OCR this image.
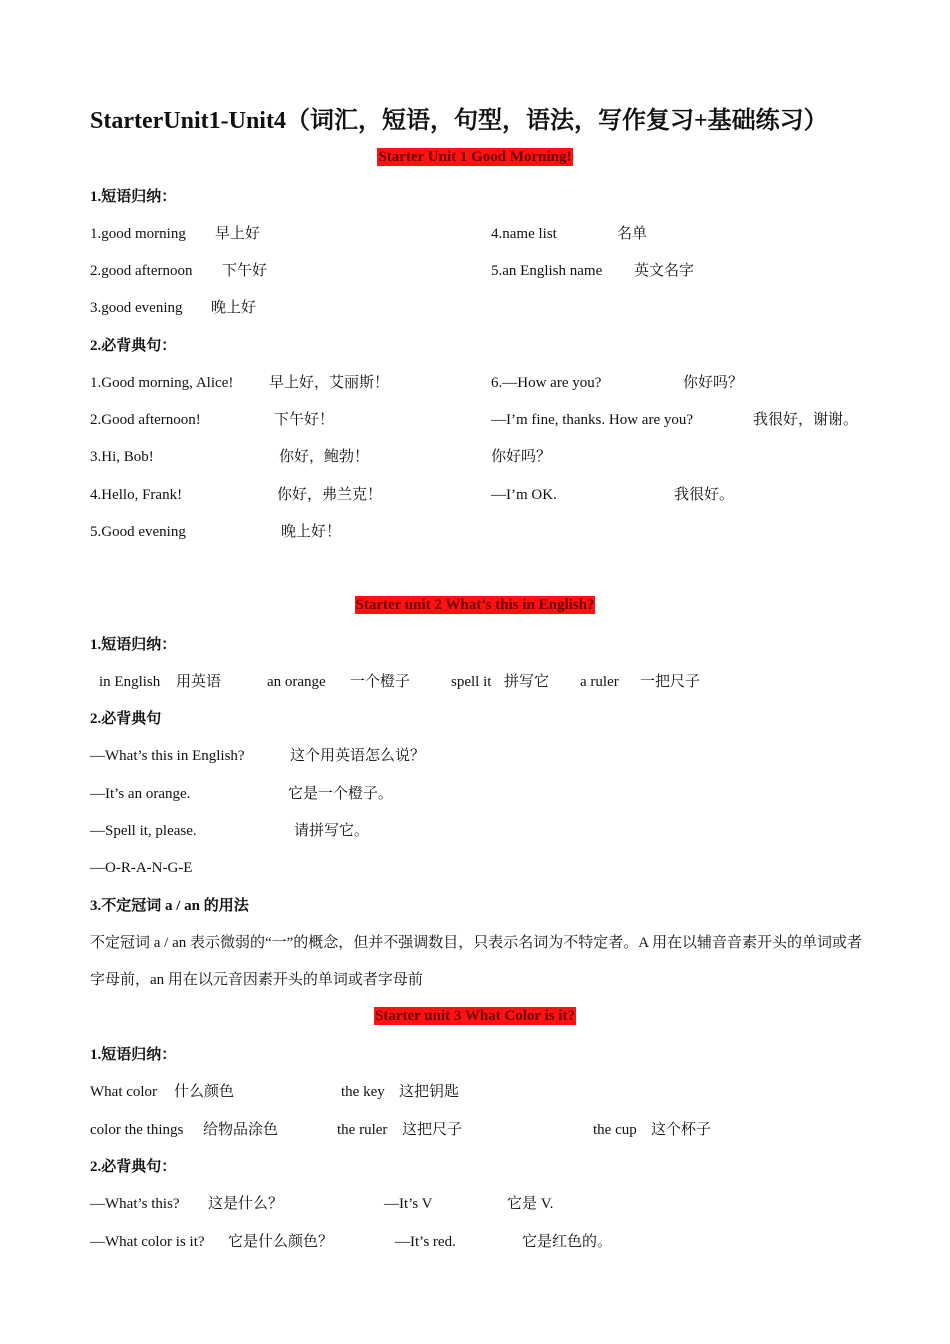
StarterUnit1-Unit4（词汇，短语，句型，语法，写作复习+基础练习）
Starter Unit 1 Good Morning!
1.短语归纳：
1.good morning 早上好
2.good afternoon 下午好
3.good evening 晚上好
4.name list	名单
5.an English name 英文名字
2.必背典句：
1.Good morning, Alice! 早上好，艾丽斯！
2.Good afternoon!	下午好！
3.Hi, Bob!	你好，鲍勃！
4.Hello, Frank!	你好，弗兰克！
5.Good evening	晚上好！
6.—How are you?	你好吗？
—I’m fine, thanks. How are you?	我很好，谢谢。
你好吗？
—I’m OK.	我很好。
Starter unit 2 What’s this in English?
1.短语归纳：
in English 用英语	an orange 一个橙子	spell it 拼写它 a ruler 一把尺子
2.必背典句
—What’s this in English?	这个用英语怎么说？
—It’s an orange.	它是一个橙子。
—Spell it, please.	请拼写它。
—O-R-A-N-G-E
3.不定冠词 a / an 的用法
不定冠词 a / an 表示微弱的“一”的概念，但并不强调数目，只表示名词为不特定者。A 用在以辅音音素开头的单词或者字母前，an 用在以元音因素开头的单词或者字母前
Starter unit 3 What Color is it?
1.短语归纳：
What color 什么颜色	the key 这把钥匙
color the things 给物品涂色	the ruler 这把尺子	the cup 这个杯子
2.必背典句：
—What’s this? 这是什么？	—It’s V	它是 V.
—What color is it? 它是什么颜色？	—It’s red.	它是红色的。
